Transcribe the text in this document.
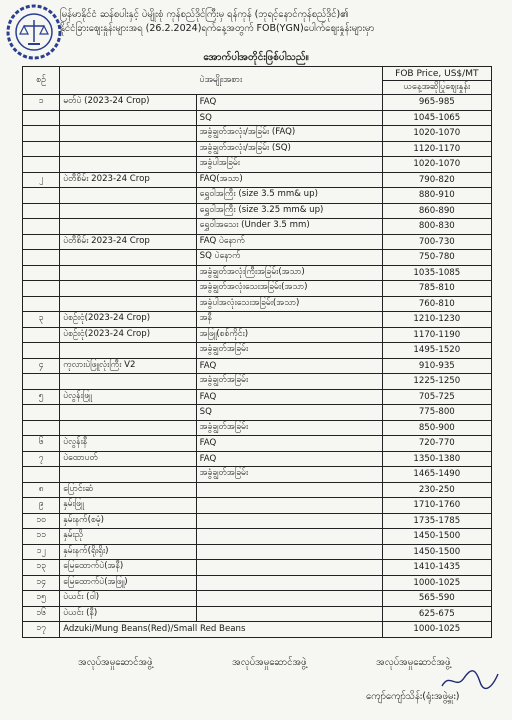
မြန်မာနိုင်ငံ ဆန်စပါးနှင့် ပဲမျိုးစုံ ကုန်စည်ဒိုင်ကြီးမှ ရန်ကုန် (ဘုရင့်နောင်ကုန်စည်ဒိုင်)၏
နိုင်ငံခြားဈေးနှုန်းများအရ (26.2.2024)ရက်နေ့အတွက် FOB(YGN)ပေါက်ဈေးနှုန်းများမှာ
အောက်ပါအတိုင်းဖြစ်ပါသည်။
စဉ်	ပဲအမျိုးအစား		FOB Price, US$/MT
			ယနေ့အဆိုပြုဈေးနှုန်း
၁	မတ်ပဲ (2023-24 Crop)	FAQ	965-985
		SQ	1045-1065
		အခွံချွတ်အလုံး/အခြမ်း (FAQ)	1020-1070
		အခွံချွတ်အလုံး/အခြမ်း (SQ)	1120-1170
		အခွံပါအခြမ်း	1020-1070
၂	ပဲတီစိမ်း 2023-24 Crop	FAQ(အသာ)	790-820
		ရွှေဝါအကြီး (size 3.5 mm& up)	880-910
		ရွှေဝါအကြီး (size 3.25 mm& up)	860-890
		ရွှေဝါအသေး (Under 3.5 mm)	800-830
	ပဲတီစိမ်း 2023-24 Crop	FAQ ပဲနောက်	700-730
		SQ ပဲနောက်	750-780
		အခွံချွတ်အလုံးကြီးအခြမ်း(အသာ)	1035-1085
		အခွံချွတ်အလုံးသေးအခြမ်း(အသာ)	785-810
		အခွံပါအလုံးသေးအခြမ်း(အသာ)	760-810
၃	ပဲစဉ်းငုံ(2023-24 Crop)	အနီ	1210-1230
	ပဲစဉ်းငုံ(2023-24 Crop)	အဖြူ(စစ်ကိုင်း)	1170-1190
		အခွံချွတ်အခြမ်း	1495-1520
၄	ကုလားပဲဖြူလုံးကြီး V2	FAQ	910-935
		အခွံချွတ်အခြမ်း	1225-1250
၅	ပဲလွန်းဖြူ	FAQ	705-725
		SQ	775-800
		အခွံချွတ်အခြမ်း	850-900
၆	ပဲလွန်းနီ	FAQ	720-770
၇	ပဲထောပတ်	FAQ	1350-1380
		အခွံချွတ်အခြမ်း	1465-1490
၈	ပြောင်းဆံ		230-250
၉	နှမ်းဖြူ		1710-1760
၁၀	နှမ်းနက်(စမုံ)		1735-1785
၁၁	နှမ်းညို		1450-1500
၁၂	နှမ်းနက်(ရိုးရိုး)		1450-1500
၁၃	မြေထောက်ပဲ(အနီ)		1410-1435
၁၄	မြေထောက်ပဲ(အဖြူ)		1000-1025
၁၅	ပဲယင်း (ဝါ)		565-590
၁၆	ပဲယင်း (နီ)		625-675
၁၇	Adzuki/Mung Beans(Red)/Small Red Beans		1000-1025
အလုပ်အမှုဆောင်အဖွဲ့	အလုပ်အမှုဆောင်အဖွဲ့	အလုပ်အမှုဆောင်အဖွဲ့
ကျော်ကျော်သိန်း(ရုံးအဖွဲ့မှူး)
